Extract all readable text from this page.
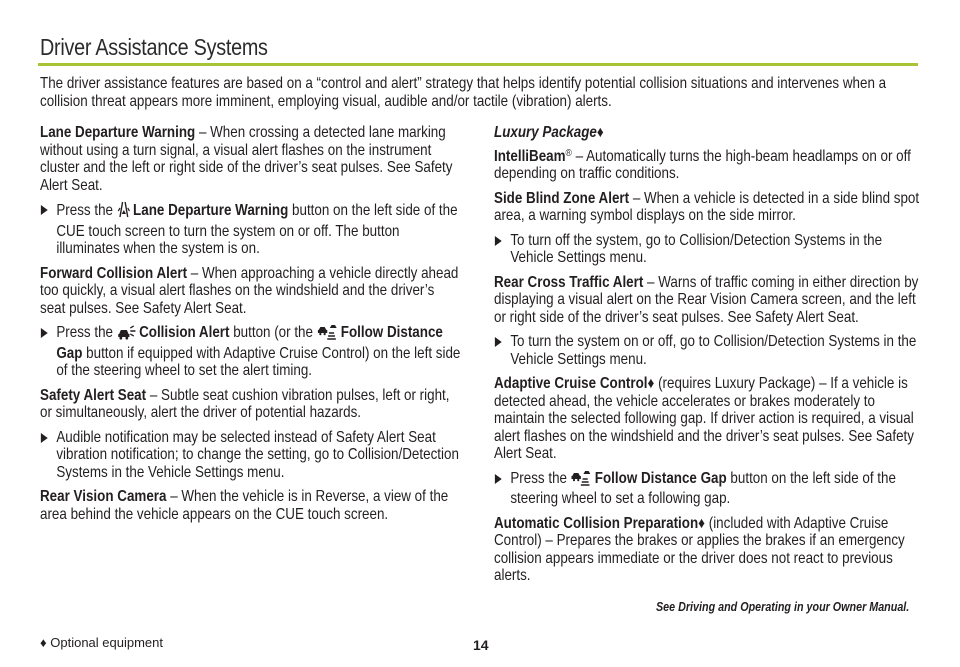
Driver Assistance Systems
The driver assistance features are based on a “control and alert” strategy that helps identify potential collision situations and intervenes when a collision threat appears more imminent, employing visual, audible and/or tactile (vibration) alerts.

Lane Departure Warning – When crossing a detected lane marking without using a turn signal, a visual alert flashes on the instrument cluster and the left or right side of the driver’s seat pulses. See Safety Alert Seat.

Press the Lane Departure Warning button on the left side of the CUE touch screen to turn the system on or off. The button illuminates when the system is on.

Forward Collision Alert – When approaching a vehicle directly ahead too quickly, a visual alert flashes on the windshield and the driver’s seat pulses. See Safety Alert Seat.

Press the Collision Alert button (or the Follow Distance Gap button if equipped with Adaptive Cruise Control) on the left side of the steering wheel to set the alert timing.

Safety Alert Seat – Subtle seat cushion vibration pulses, left or right, or simultaneously, alert the driver of potential hazards.

Audible notification may be selected instead of Safety Alert Seat vibration notification; to change the setting, go to Collision/Detection Systems in the Vehicle Settings menu.

Rear Vision Camera – When the vehicle is in Reverse, a view of the area behind the vehicle appears on the CUE touch screen.

Luxury Package♦

IntelliBeam® – Automatically turns the high-beam headlamps on or off depending on traffic conditions.

Side Blind Zone Alert – When a vehicle is detected in a side blind spot area, a warning symbol displays on the side mirror.

To turn off the system, go to Collision/Detection Systems in the Vehicle Settings menu.

Rear Cross Traffic Alert – Warns of traffic coming in either direction by displaying a visual alert on the Rear Vision Camera screen, and the left or right side of the driver’s seat pulses. See Safety Alert Seat.

To turn the system on or off, go to Collision/Detection Systems in the Vehicle Settings menu.

Adaptive Cruise Control♦ (requires Luxury Package) – If a vehicle is detected ahead, the vehicle accelerates or brakes moderately to maintain the selected following gap. If driver action is required, a visual alert flashes on the windshield and the driver’s seat pulses. See Safety Alert Seat.

Press the Follow Distance Gap button on the left side of the steering wheel to set a following gap.

Automatic Collision Preparation♦ (included with Adaptive Cruise Control) – Prepares the brakes or applies the brakes if an emergency collision appears immediate or the driver does not react to previous alerts.

See Driving and Operating in your Owner Manual.
♦ Optional equipment	14
